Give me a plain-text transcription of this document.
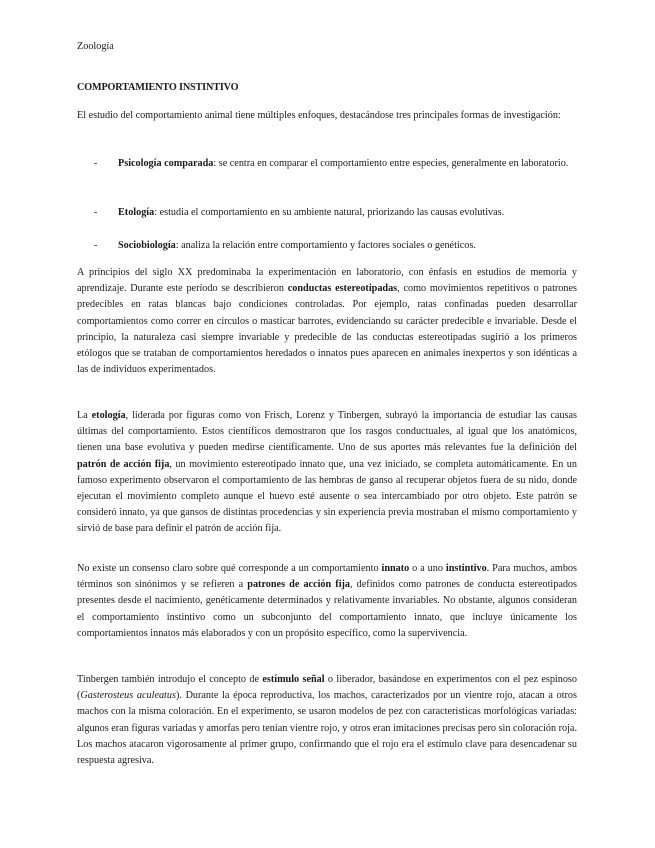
Zoología
COMPORTAMIENTO INSTINTIVO

El estudio del comportamiento animal tiene múltiples enfoques, destacándose tres principales formas de investigación:

-	Psicología comparada: se centra en comparar el comportamiento entre especies, generalmente en laboratorio.
-	Etología: estudia el comportamiento en su ambiente natural, priorizando las causas evolutivas.
-	Sociobiología: analiza la relación entre comportamiento y factores sociales o genéticos.

A principios del siglo XX predominaba la experimentación en laboratorio, con énfasis en estudios de memoria y aprendizaje. Durante este período se describieron conductas estereotipadas, como movimientos repetitivos o patrones predecibles en ratas blancas bajo condiciones controladas. Por ejemplo, ratas confinadas pueden desarrollar comportamientos como correr en círculos o masticar barrotes, evidenciando su carácter predecible e invariable. Desde el principio, la naturaleza casi siempre invariable y predecible de las conductas estereotipadas sugirió a los primeros etólogos que se trataban de comportamientos heredados o innatos pues aparecen en animales inexpertos y son idénticas a las de individuos experimentados.

La etología, liderada por figuras como von Frisch, Lorenz y Tinbergen, subrayó la importancia de estudiar las causas últimas del comportamiento. Estos científicos demostraron que los rasgos conductuales, al igual que los anatómicos, tienen una base evolutiva y pueden medirse científicamente. Uno de sus aportes más relevantes fue la definición del patrón de acción fija, un movimiento estereotipado innato que, una vez iniciado, se completa automáticamente. En un famoso experimento observaron el comportamiento de las hembras de ganso al recuperar objetos fuera de su nido, donde ejecutan el movimiento completo aunque el huevo esté ausente o sea intercambiado por otro objeto. Este patrón se consideró innato, ya que gansos de distintas procedencias y sin experiencia previa mostraban el mismo comportamiento y sirvió de base para definir el patrón de acción fija.

No existe un consenso claro sobre qué corresponde a un comportamiento innato o a uno instintivo. Para muchos, ambos términos son sinónimos y se refieren a patrones de acción fija, definidos como patrones de conducta estereotipados presentes desde el nacimiento, genéticamente determinados y relativamente invariables. No obstante, algunos consideran el comportamiento instintivo como un subconjunto del comportamiento innato, que incluye únicamente los comportamientos innatos más elaborados y con un propósito específico, como la supervivencia.

Tinbergen también introdujo el concepto de estímulo señal o liberador, basándose en experimentos con el pez espinoso (Gasterosteus aculeatus). Durante la época reproductiva, los machos, caracterizados por un vientre rojo, atacan a otros machos con la misma coloración. En el experimento, se usaron modelos de pez con características morfológicas variadas: algunos eran figuras variadas y amorfas pero tenían vientre rojo, y otros eran imitaciones precisas pero sin coloración roja. Los machos atacaron vigorosamente al primer grupo, confirmando que el rojo era el estímulo clave para desencadenar su respuesta agresiva.
